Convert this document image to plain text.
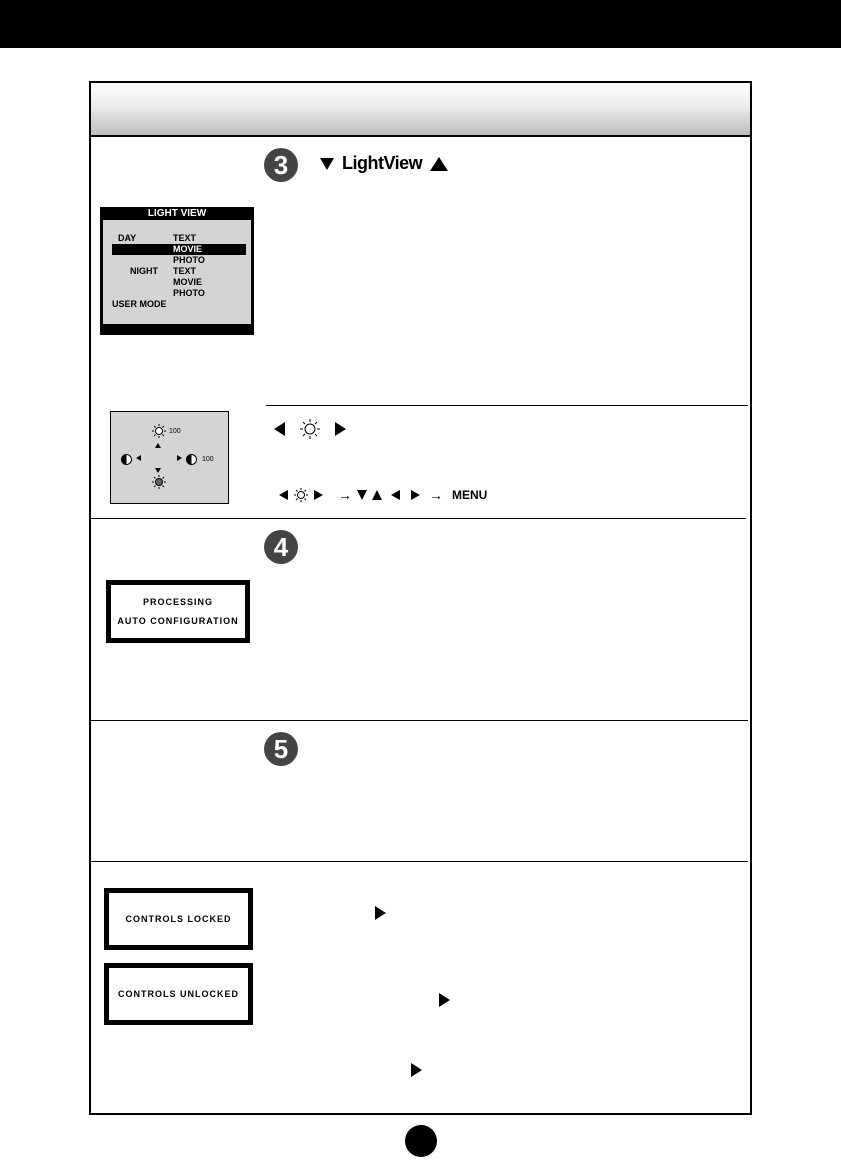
3	LightView
LIGHT VIEW
DAY	TEXT
MOVIE
PHOTO
NIGHT TEXT
MOVIE
PHOTO
USER MODE
100
100
→	→ MENU
4
PROCESSING
AUTO CONFIGURATION
5
CONTROLS LOCKED
CONTROLS UNLOCKED
